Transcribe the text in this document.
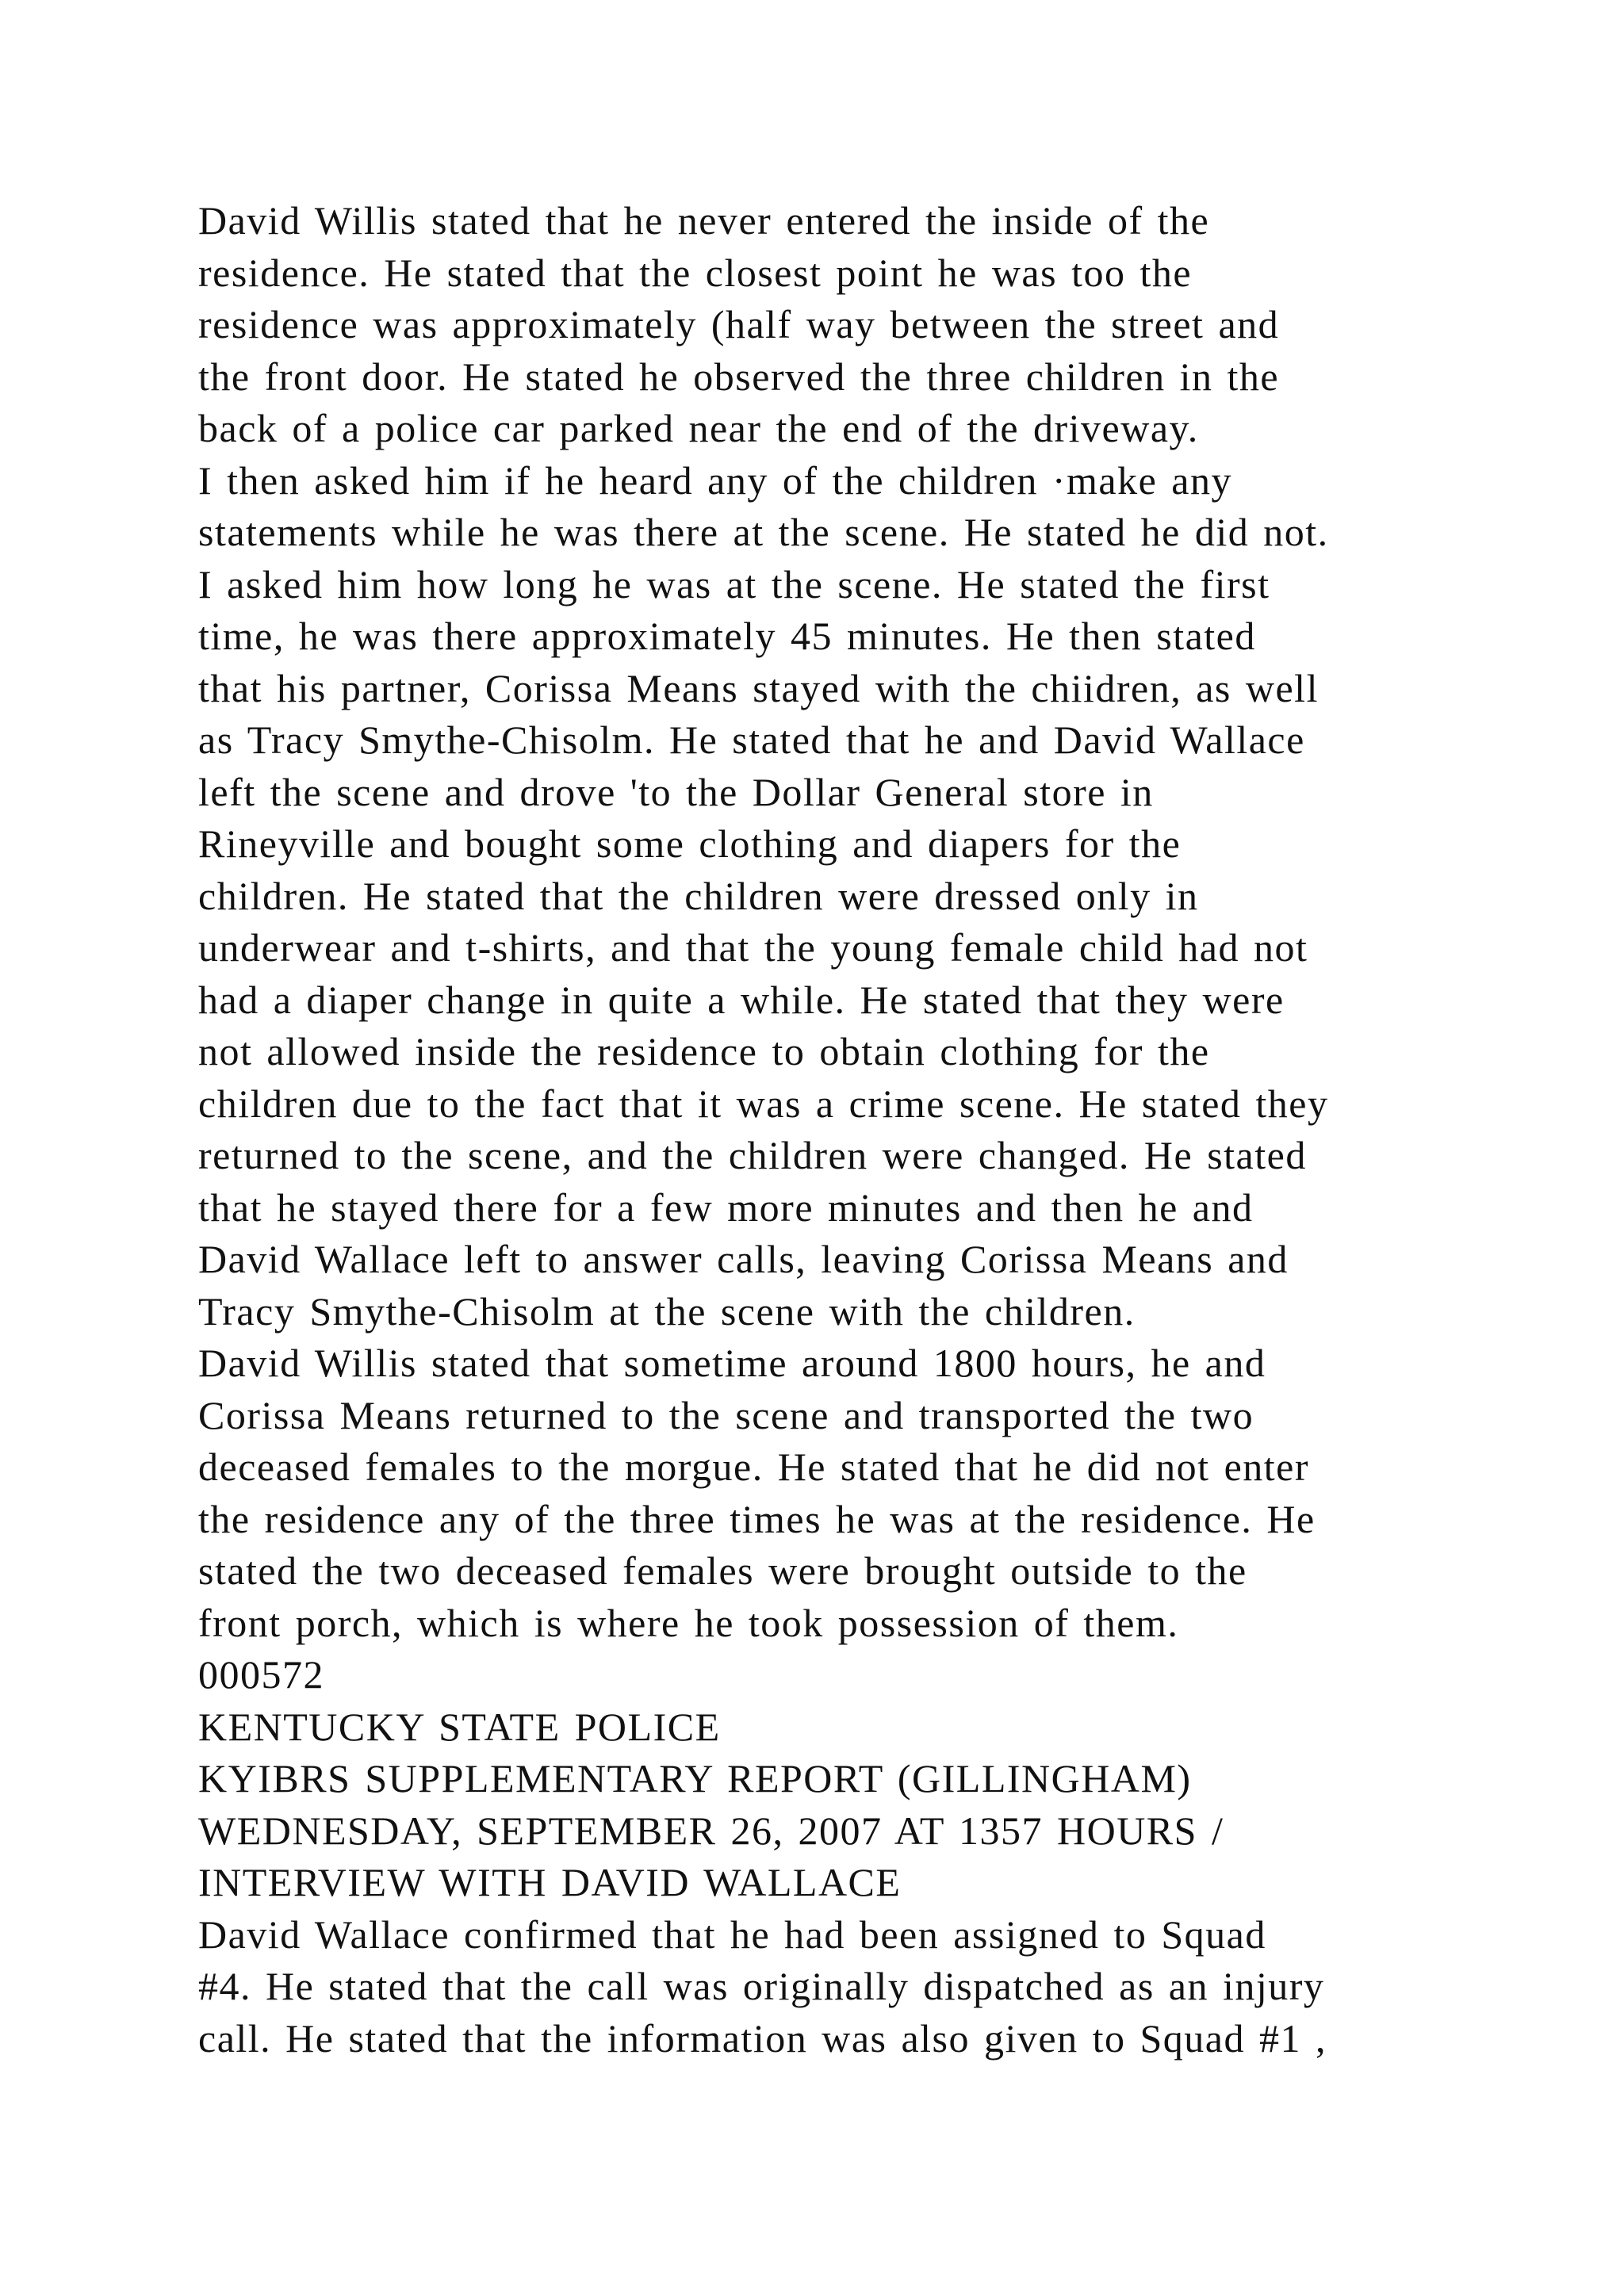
David Willis stated that he never entered the inside of the
residence. He stated that the closest point he was too the
residence was approximately (half way between the street and
the front door. He stated he observed the three children in the
back of a police car parked near the end of the driveway.
I then asked him if he heard any of the children ·make any
statements while he was there at the scene. He stated he did not.
I asked him how long he was at the scene. He stated the first
time, he was there approximately 45 minutes. He then stated
that his partner, Corissa Means stayed with the chiidren, as well
as Tracy Smythe-Chisolm. He stated that he and David Wallace
left the scene and drove 'to the Dollar General store in
Rineyville and bought some clothing and diapers for the
children. He stated that the children were dressed only in
underwear and t-shirts, and that the young female child had not
had a diaper change in quite a while. He stated that they were
not allowed inside the residence to obtain clothing for the
children due to the fact that it was a crime scene. He stated they
returned to the scene, and the children were changed. He stated
that he stayed there for a few more minutes and then he and
David Wallace left to answer calls, leaving Corissa Means and
Tracy Smythe-Chisolm at the scene with the children.
David Willis stated that sometime around 1800 hours, he and
Corissa Means returned to the scene and transported the two
deceased females to the morgue. He stated that he did not enter
the residence any of the three times he was at the residence. He
stated the two deceased females were brought outside to the
front porch, which is where he took possession of them.
000572
KENTUCKY STATE POLICE
KYIBRS SUPPLEMENTARY REPORT (GILLINGHAM)
WEDNESDAY, SEPTEMBER 26, 2007 AT 1357 HOURS /
INTERVIEW WITH DAVID WALLACE
David Wallace confirmed that he had been assigned to Squad
#4. He stated that the call was originally dispatched as an injury
call. He stated that the information was also given to Squad #1 ,
